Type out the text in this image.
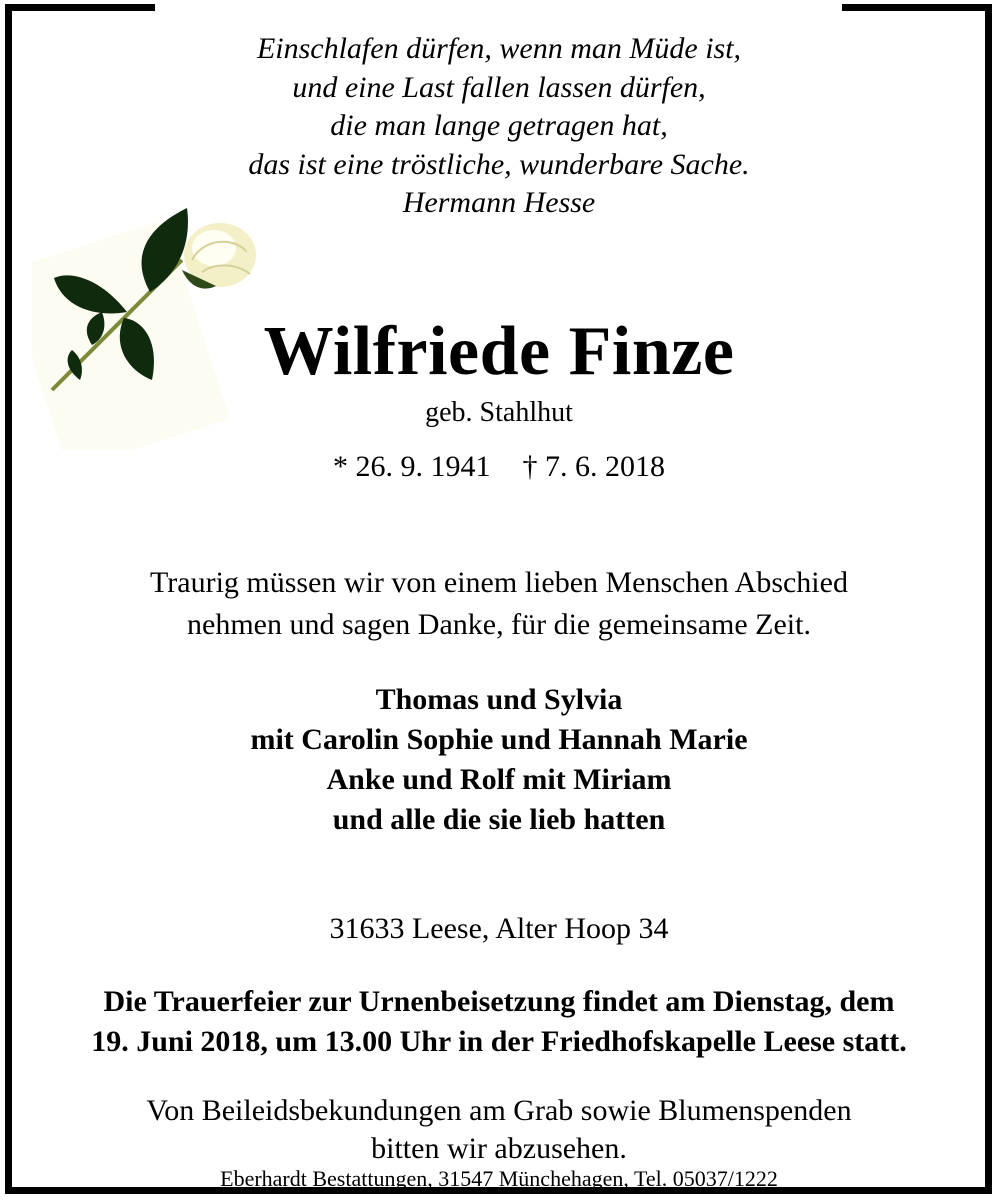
Einschlafen dürfen, wenn man Müde ist,
und eine Last fallen lassen dürfen,
die man lange getragen hat,
das ist eine tröstliche, wunderbare Sache.
Hermann Hesse
Wilfriede Finze
geb. Stahlhut
* 26. 9. 1941 † 7. 6. 2018
Traurig müssen wir von einem lieben Menschen Abschied
nehmen und sagen Danke, für die gemeinsame Zeit.
Thomas und Sylvia
mit Carolin Sophie und Hannah Marie
Anke und Rolf mit Miriam
und alle die sie lieb hatten
31633 Leese, Alter Hoop 34
Die Trauerfeier zur Urnenbeisetzung findet am Dienstag, dem
19. Juni 2018, um 13.00 Uhr in der Friedhofskapelle Leese statt.
Von Beileidsbekundungen am Grab sowie Blumenspenden
bitten wir abzusehen.
Eberhardt Bestattungen, 31547 Münchehagen, Tel. 05037/1222
